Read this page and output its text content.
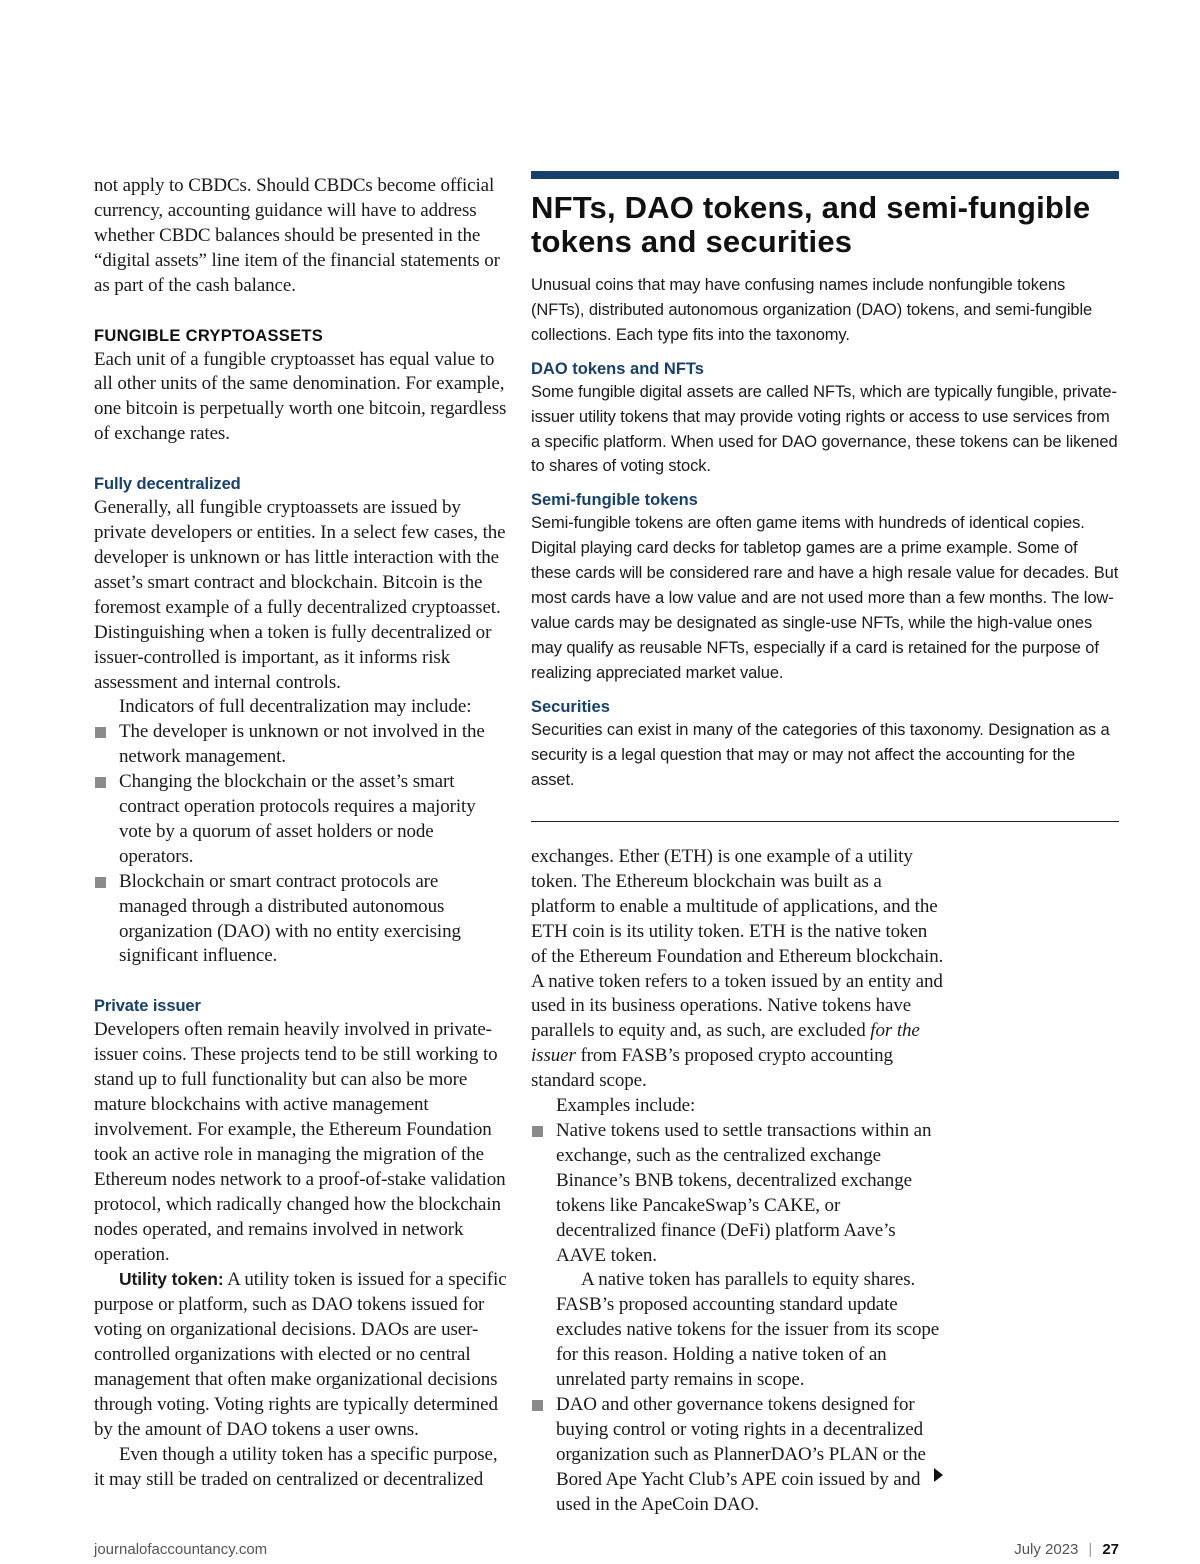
not apply to CBDCs. Should CBDCs become official currency, accounting guidance will have to address whether CBDC balances should be presented in the “digital assets” line item of the financial statements or as part of the cash balance.

FUNGIBLE CRYPTOASSETS

Each unit of a fungible cryptoasset has equal value to all other units of the same denomination. For example, one bitcoin is perpetually worth one bitcoin, regardless of exchange rates.

Fully decentralized

Generally, all fungible cryptoassets are issued by private developers or entities. In a select few cases, the developer is unknown or has little interaction with the asset’s smart contract and blockchain. Bitcoin is the foremost example of a fully decentralized cryptoasset. Distinguishing when a token is fully decentralized or issuer-controlled is important, as it informs risk assessment and internal controls.

Indicators of full decentralization may include:

The developer is unknown or not involved in the network management.
Changing the blockchain or the asset’s smart contract operation protocols requires a majority vote by a quorum of asset holders or node operators.
Blockchain or smart contract protocols are managed through a distributed autonomous organization (DAO) with no entity exercising significant influence.
Private issuer

Developers often remain heavily involved in private-issuer coins. These projects tend to be still working to stand up to full functionality but can also be more mature blockchains with active management involvement. For example, the Ethereum Foundation took an active role in managing the migration of the Ethereum nodes network to a proof-of-stake validation protocol, which radically changed how the blockchain nodes operated, and remains involved in network operation.

Utility token: A utility token is issued for a specific purpose or platform, such as DAO tokens issued for voting on organizational decisions. DAOs are user-controlled organizations with elected or no central management that often make organizational decisions through voting. Voting rights are typically determined by the amount of DAO tokens a user owns.

Even though a utility token has a specific purpose, it may still be traded on centralized or decentralized

NFTs, DAO tokens, and semi-fungible tokens and securities

Unusual coins that may have confusing names include nonfungible tokens (NFTs), distributed autonomous organization (DAO) tokens, and semi-fungible collections. Each type fits into the taxonomy.

DAO tokens and NFTs

Some fungible digital assets are called NFTs, which are typically fungible, private-issuer utility tokens that may provide voting rights or access to use services from a specific platform. When used for DAO governance, these tokens can be likened to shares of voting stock.

Semi-fungible tokens

Semi-fungible tokens are often game items with hundreds of identical copies. Digital playing card decks for tabletop games are a prime example. Some of these cards will be considered rare and have a high resale value for decades. But most cards have a low value and are not used more than a few months. The low-value cards may be designated as single-use NFTs, while the high-value ones may qualify as reusable NFTs, especially if a card is retained for the purpose of realizing appreciated market value.

Securities

Securities can exist in many of the categories of this taxonomy. Designation as a security is a legal question that may or may not affect the accounting for the asset.

exchanges. Ether (ETH) is one example of a utility token. The Ethereum blockchain was built as a platform to enable a multitude of applications, and the ETH coin is its utility token. ETH is the native token of the Ethereum Foundation and Ethereum blockchain. A native token refers to a token issued by an entity and used in its business operations. Native tokens have parallels to equity and, as such, are excluded for the issuer from FASB’s proposed crypto accounting standard scope.

Examples include:

Native tokens used to settle transactions within an exchange, such as the centralized exchange Binance’s BNB tokens, decentralized exchange tokens like PancakeSwap’s CAKE, or decentralized finance (DeFi) platform Aave’s AAVE token.

A native token has parallels to equity shares. FASB’s proposed accounting standard update excludes native tokens for the issuer from its scope for this reason. Holding a native token of an unrelated party remains in scope.

DAO and other governance tokens designed for buying control or voting rights in a decentralized organization such as PlannerDAO’s PLAN or the Bored Ape Yacht Club’s APE coin issued by and used in the ApeCoin DAO.
journalofaccountancy.com	July 2023 | 27
